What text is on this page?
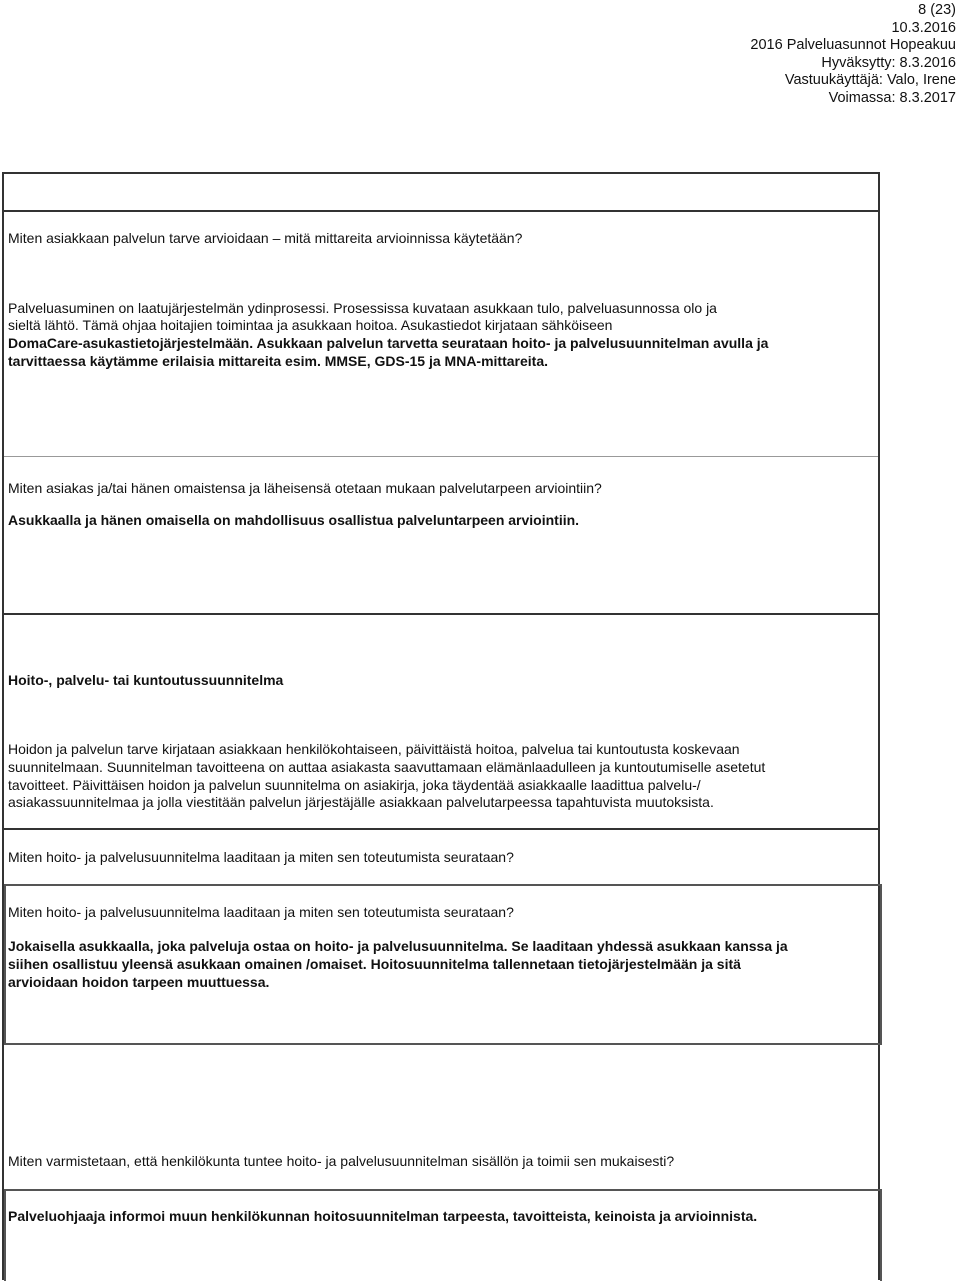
8 (23)
10.3.2016
2016 Palveluasunnot Hopeakuu
Hyväksytty: 8.3.2016
Vastuukäyttäjä: Valo, Irene
Voimassa: 8.3.2017
Miten asiakkaan palvelun tarve arvioidaan – mitä mittareita arvioinnissa käytetään?
Palveluasuminen on laatujärjestelmän ydinprosessi. Prosessissa kuvataan asukkaan tulo, palveluasunnossa olo ja
sieltä lähtö. Tämä ohjaa hoitajien toimintaa ja asukkaan hoitoa. Asukastiedot kirjataan sähköiseen
DomaCare-asukastietojärjestelmään. Asukkaan palvelun tarvetta seurataan hoito- ja palvelusuunnitelman avulla ja
tarvittaessa käytämme erilaisia mittareita esim. MMSE, GDS-15 ja MNA-mittareita.
Miten asiakas ja/tai hänen omaistensa ja läheisensä otetaan mukaan palvelutarpeen arviointiin?
Asukkaalla ja hänen omaisella on mahdollisuus osallistua palveluntarpeen arviointiin.
Hoito-, palvelu- tai kuntoutussuunnitelma
Hoidon ja palvelun tarve kirjataan asiakkaan henkilökohtaiseen, päivittäistä hoitoa, palvelua tai kuntoutusta koskevaan
suunnitelmaan. Suunnitelman tavoitteena on auttaa asiakasta saavuttamaan elämänlaadulleen ja kuntoutumiselle asetetut
tavoitteet. Päivittäisen hoidon ja palvelun suunnitelma on asiakirja, joka täydentää asiakkaalle laadittua palvelu-/
asiakassuunnitelmaa ja jolla viestitään palvelun järjestäjälle asiakkaan palvelutarpeessa tapahtuvista muutoksista.
Miten hoito- ja palvelusuunnitelma laaditaan ja miten sen toteutumista seurataan?
Miten hoito- ja palvelusuunnitelma laaditaan ja miten sen toteutumista seurataan?
Jokaisella asukkaalla, joka palveluja ostaa on hoito- ja palvelusuunnitelma. Se laaditaan yhdessä asukkaan kanssa ja
siihen osallistuu yleensä asukkaan omainen /omaiset. Hoitosuunnitelma tallennetaan tietojärjestelmään ja sitä
arvioidaan hoidon tarpeen muuttuessa.
Miten varmistetaan, että henkilökunta tuntee hoito- ja palvelusuunnitelman sisällön ja toimii sen mukaisesti?
Palveluohjaaja informoi muun henkilökunnan hoitosuunnitelman tarpeesta, tavoitteista, keinoista ja arvioinnista.
